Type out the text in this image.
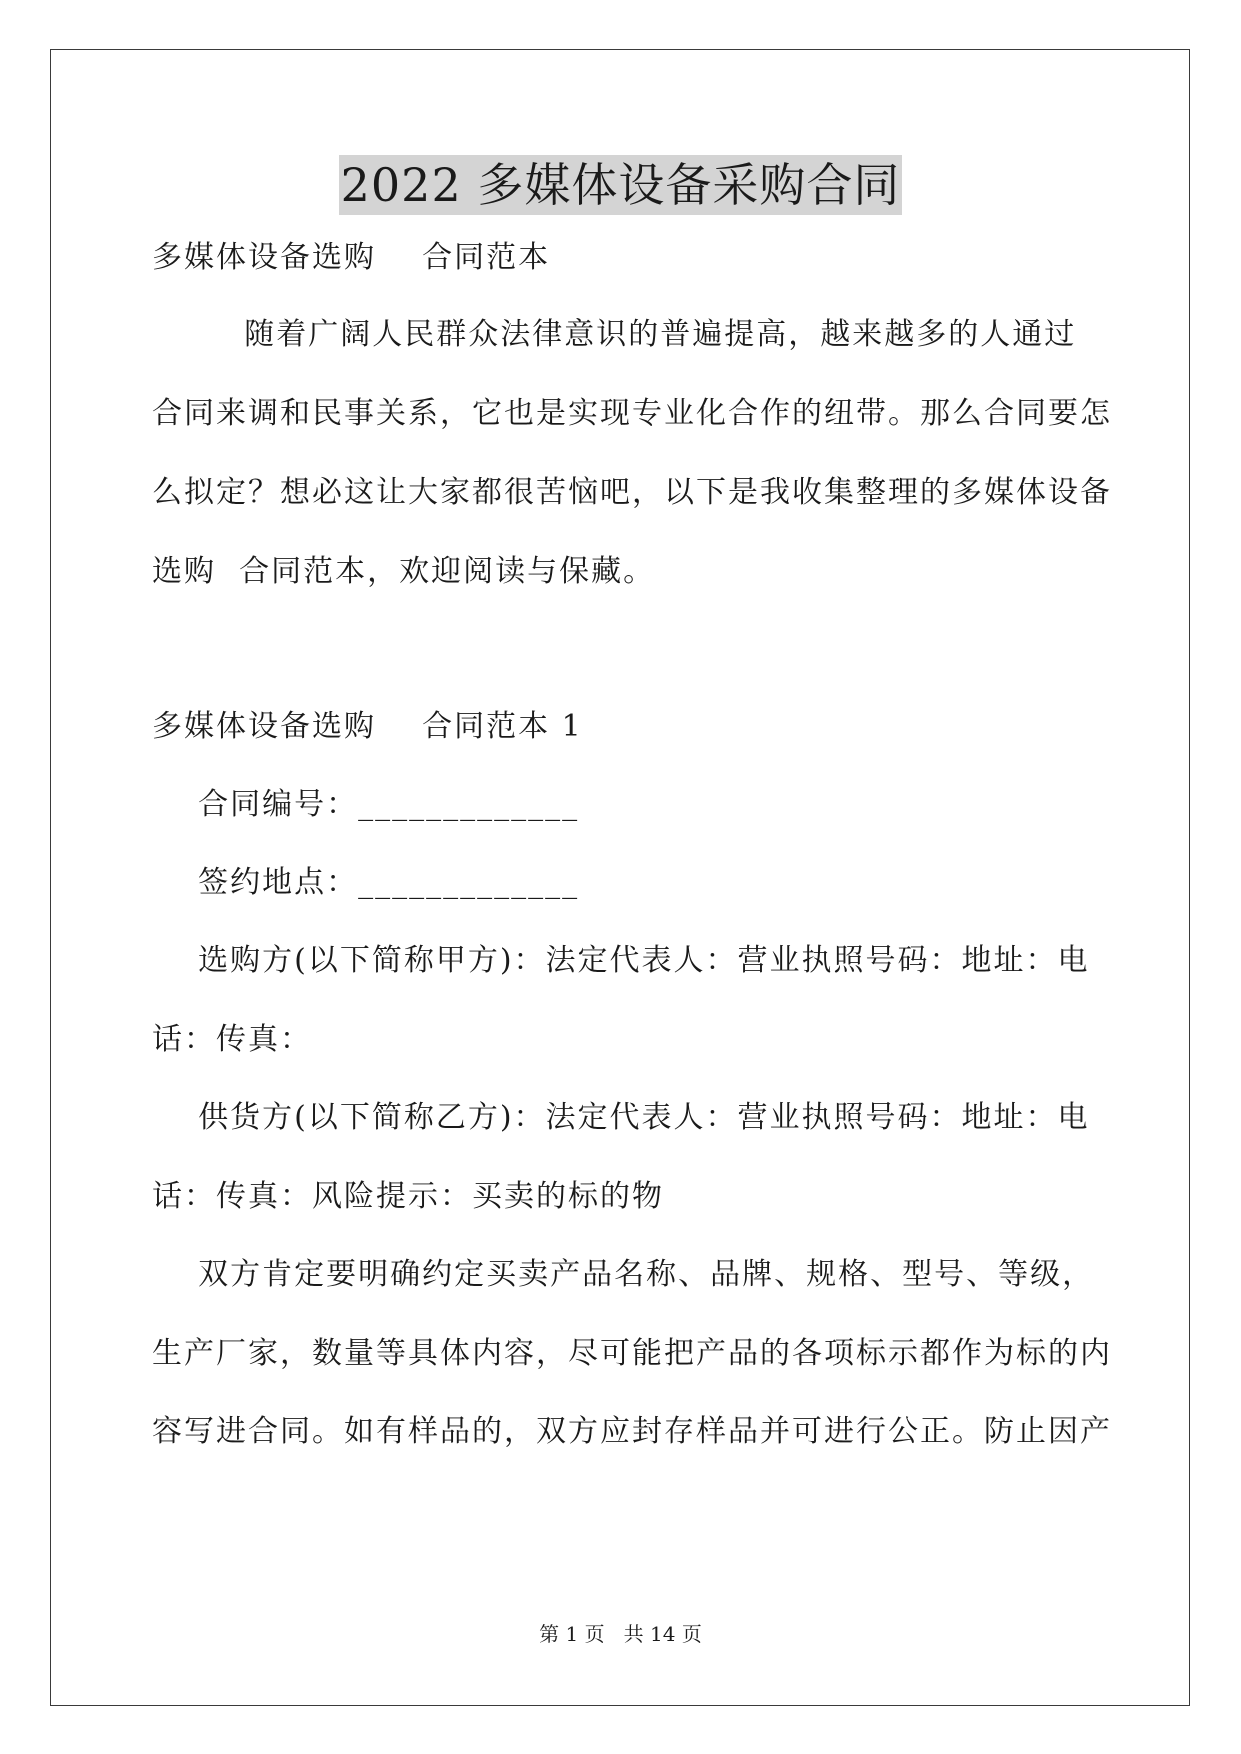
2022 多媒体设备采购合同
多媒体设备选购    合同范本
随着广阔人民群众法律意识的普遍提高，越来越多的人通过
合同来调和民事关系，它也是实现专业化合作的纽带。那么合同要怎
么拟定？想必这让大家都很苦恼吧，以下是我收集整理的多媒体设备
选购  合同范本，欢迎阅读与保藏。
多媒体设备选购    合同范本 1
合同编号：_____________
签约地点：_____________
选购方(以下简称甲方)：法定代表人：营业执照号码：地址：电
话：传真：
供货方(以下简称乙方)：法定代表人：营业执照号码：地址：电
话：传真：风险提示：买卖的标的物
双方肯定要明确约定买卖产品名称、品牌、规格、型号、等级，
生产厂家，数量等具体内容，尽可能把产品的各项标示都作为标的内
容写进合同。如有样品的，双方应封存样品并可进行公正。防止因产
第 1 页   共 14 页
